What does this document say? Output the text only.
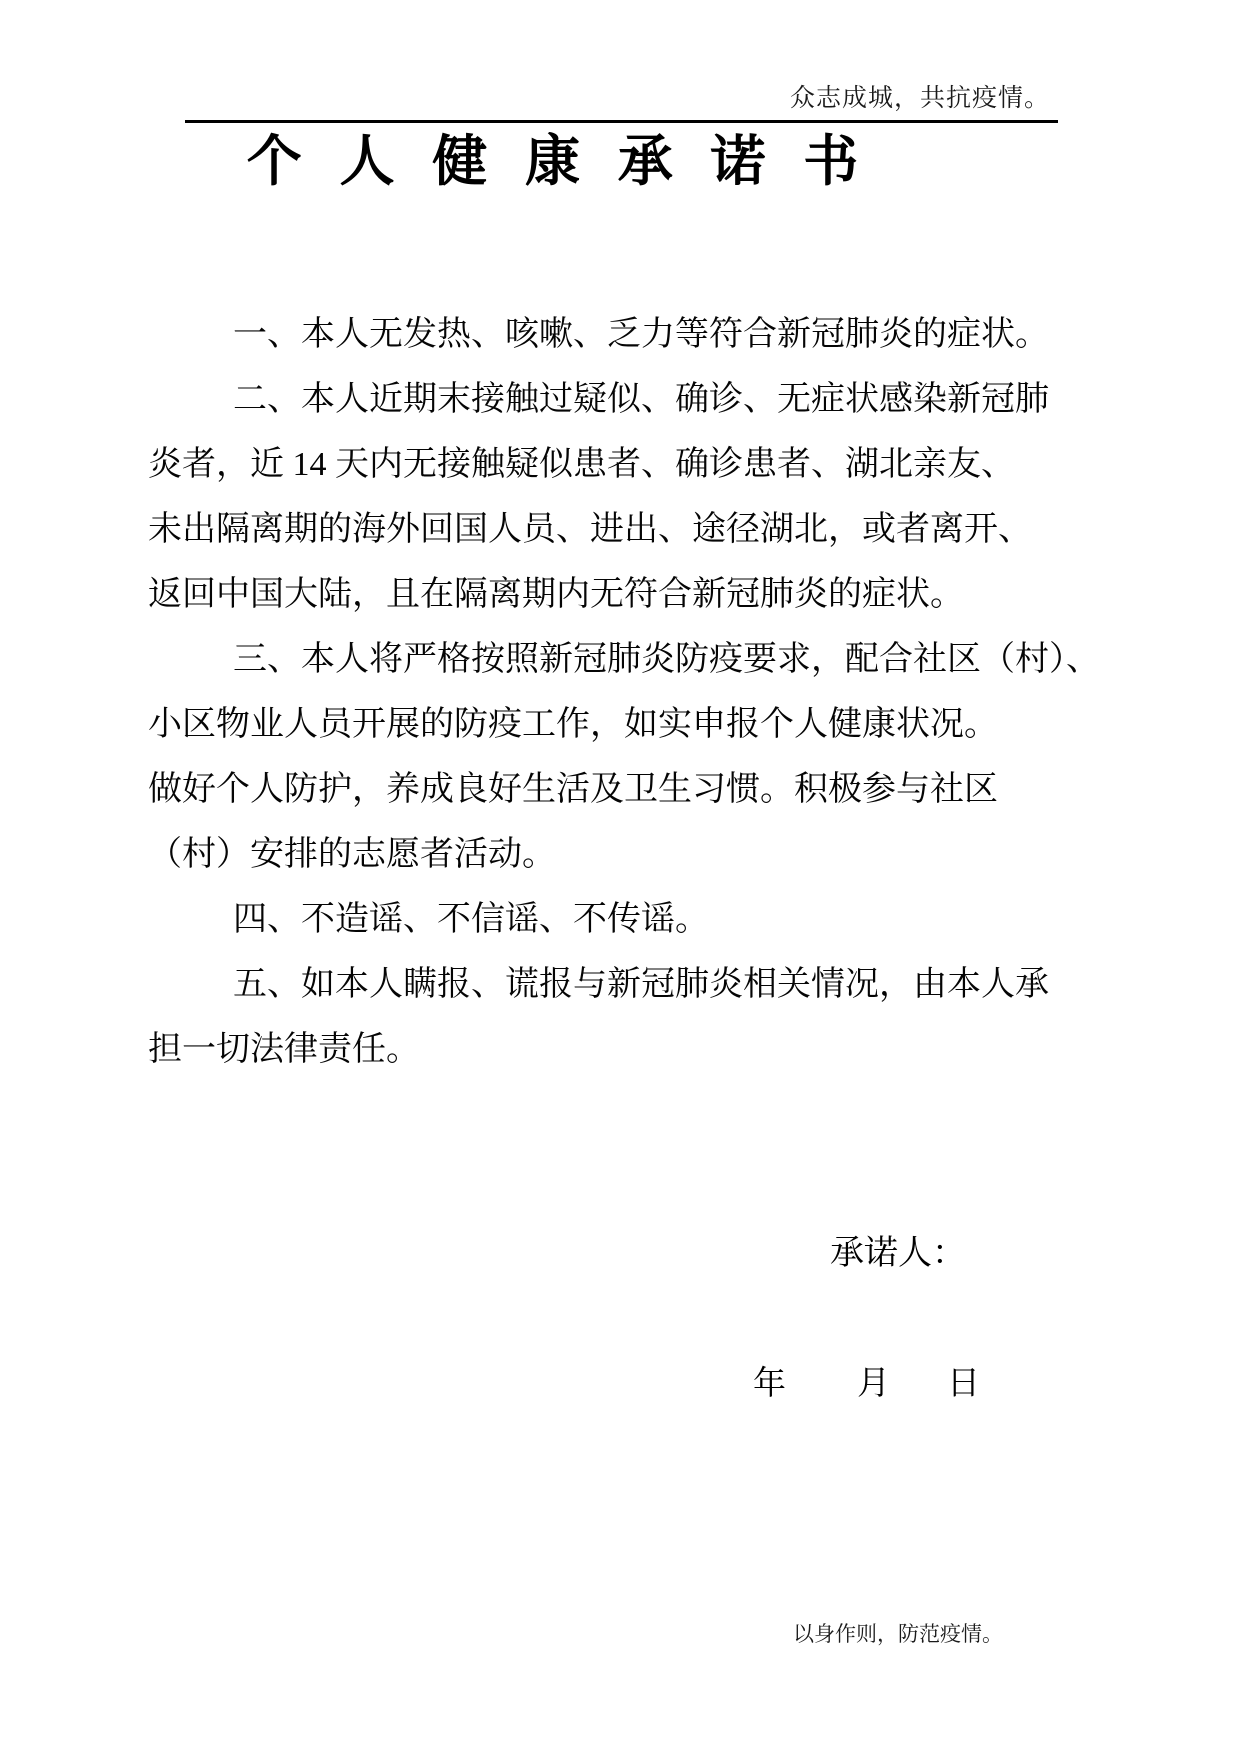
众志成城，共抗疫情。
个 人 健 康 承 诺 书
一、本人无发热、咳嗽、乏力等符合新冠肺炎的症状。
二、本人近期末接触过疑似、确诊、无症状感染新冠肺
炎者，近 14 天内无接触疑似患者、确诊患者、湖北亲友、
未出隔离期的海外回国人员、进出、途径湖北，或者离开、
返回中国大陆，且在隔离期内无符合新冠肺炎的症状。
三、本人将严格按照新冠肺炎防疫要求，配合社区（村）、
小区物业人员开展的防疫工作，如实申报个人健康状况。
做好个人防护，养成良好生活及卫生习惯。积极参与社区
（村）安排的志愿者活动。
四、不造谣、不信谣、不传谣。
五、如本人瞒报、谎报与新冠肺炎相关情况，由本人承
担一切法律责任。
承诺人：
年 月 日
以身作则，防范疫情。
